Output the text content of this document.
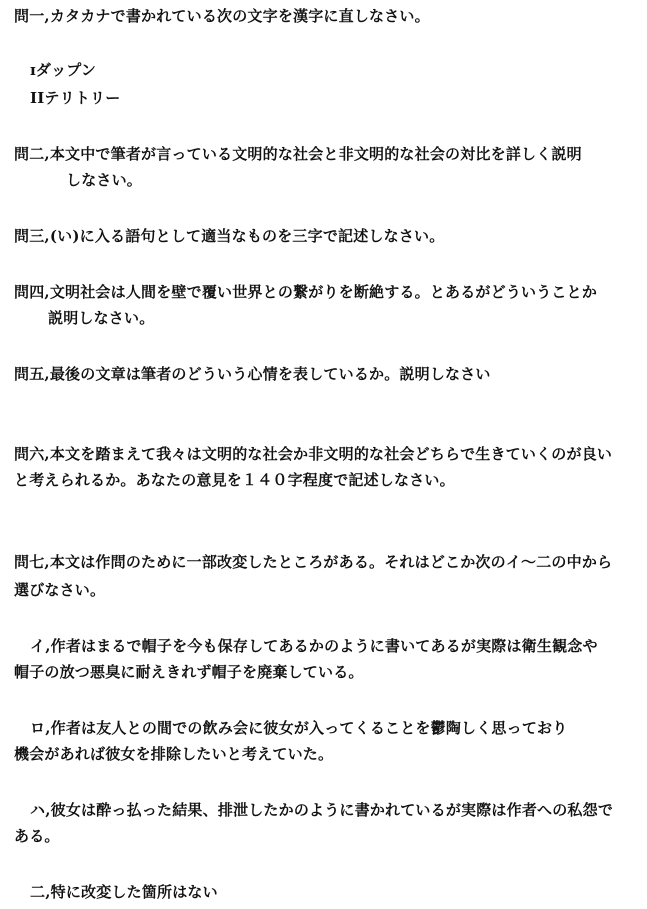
問一,カタカナで書かれている次の文字を漢字に直しなさい。
ɪダップン
IIテリトリー
問二,本文中で筆者が言っている文明的な社会と非文明的な社会の対比を詳しく説明
しなさい。
問三,(い)に入る語句として適当なものを三字で記述しなさい。
問四,文明社会は人間を壁で覆い世界との繋がりを断絶する。とあるがどういうことか
説明しなさい。
問五,最後の文章は筆者のどういう心情を表しているか。説明しなさい
問六,本文を踏まえて我々は文明的な社会か非文明的な社会どちらで生きていくのが良い
と考えられるか。あなたの意見を１４０字程度で記述しなさい。
問七,本文は作問のために一部改変したところがある。それはどこか次のイ〜二の中から
選びなさい。
イ,作者はまるで帽子を今も保存してあるかのように書いてあるが実際は衛生観念や
帽子の放つ悪臭に耐えきれず帽子を廃棄している。
ロ,作者は友人との間での飲み会に彼女が入ってくることを鬱陶しく思っており
機会があれば彼女を排除したいと考えていた。
ハ,彼女は酔っ払った結果、排泄したかのように書かれているが実際は作者への私怨で
ある。
二,特に改変した箇所はない
